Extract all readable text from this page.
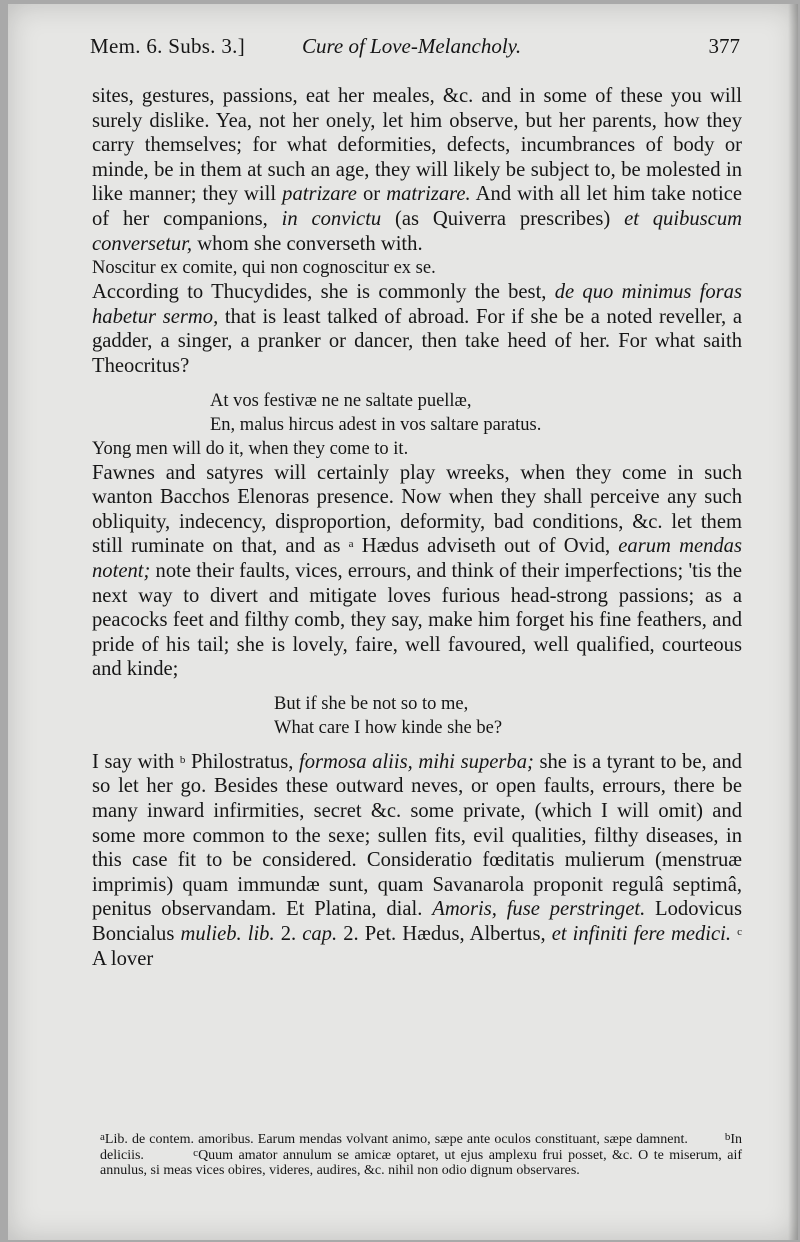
Mem. 6. Subs. 3.]	Cure of Love-Melancholy.	377

sites, gestures, passions, eat her meales, &c. and in some of these you will surely dislike. Yea, not her onely, let him observe, but her parents, how they carry themselves; for what deformities, defects, incumbrances of body or minde, be in them at such an age, they will likely be subject to, be molested in like manner; they will patrizare or matrizare. And with all let him take notice of her companions, in convictu (as Quiverra prescribes) et quibuscum conversetur, whom she converseth with.

Noscitur ex comite, qui non cognoscitur ex se.

According to Thucydides, she is commonly the best, de quo minimus foras habetur sermo, that is least talked of abroad. For if she be a noted reveller, a gadder, a singer, a pranker or dancer, then take heed of her. For what saith Theocritus?

At vos festivæ ne ne saltate puellæ,
En, malus hircus adest in vos saltare paratus.

Yong men will do it, when they come to it.

Fawnes and satyres will certainly play wreeks, when they come in such wanton Bacchos Elenoras presence. Now when they shall perceive any such obliquity, indecency, disproportion, deformity, bad conditions, &c. let them still ruminate on that, and as $^a$ Hædus adviseth out of Ovid, earum mendas notent; note their faults, vices, errours, and think of their imperfections; 'tis the next way to divert and mitigate loves furious head-strong passions; as a peacocks feet and filthy comb, they say, make him forget his fine feathers, and pride of his tail; she is lovely, faire, well favoured, well qualified, courteous and kinde;

But if she be not so to me,
What care I how kinde she be?

I say with $^b$ Philostratus, formosa aliis, mihi superba; she is a tyrant to be, and so let her go. Besides these outward neves, or open faults, errours, there be many inward infirmities, secret &c. some private, (which I will omit) and some more common to the sexe; sullen fits, evil qualities, filthy diseases, in this case fit to be considered. Consideratio fœditatis mulierum (menstruæ imprimis) quam immundæ sunt, quam Savanarola proponit regulâ septimâ, penitus observandam. Et Platina, dial. Amoris, fuse perstringet. Lodovicus Boncialus mulieb. lib. 2. cap. 2. Pet. Hædus, Albertus, et infiniti fere medici. $^c$ A lover

$^a$Lib. de contem. amoribus. Earum mendas volvant animo, sæpe ante oculos constituant, sæpe damnent.	$^b$In deliciis.	$^c$Quum amator annulum se amicæ optaret, ut ejus amplexu frui posset, &c. O te miserum, aif annulus, si meas vices obires, videres, audires, &c. nihil non odio dignum observares.
